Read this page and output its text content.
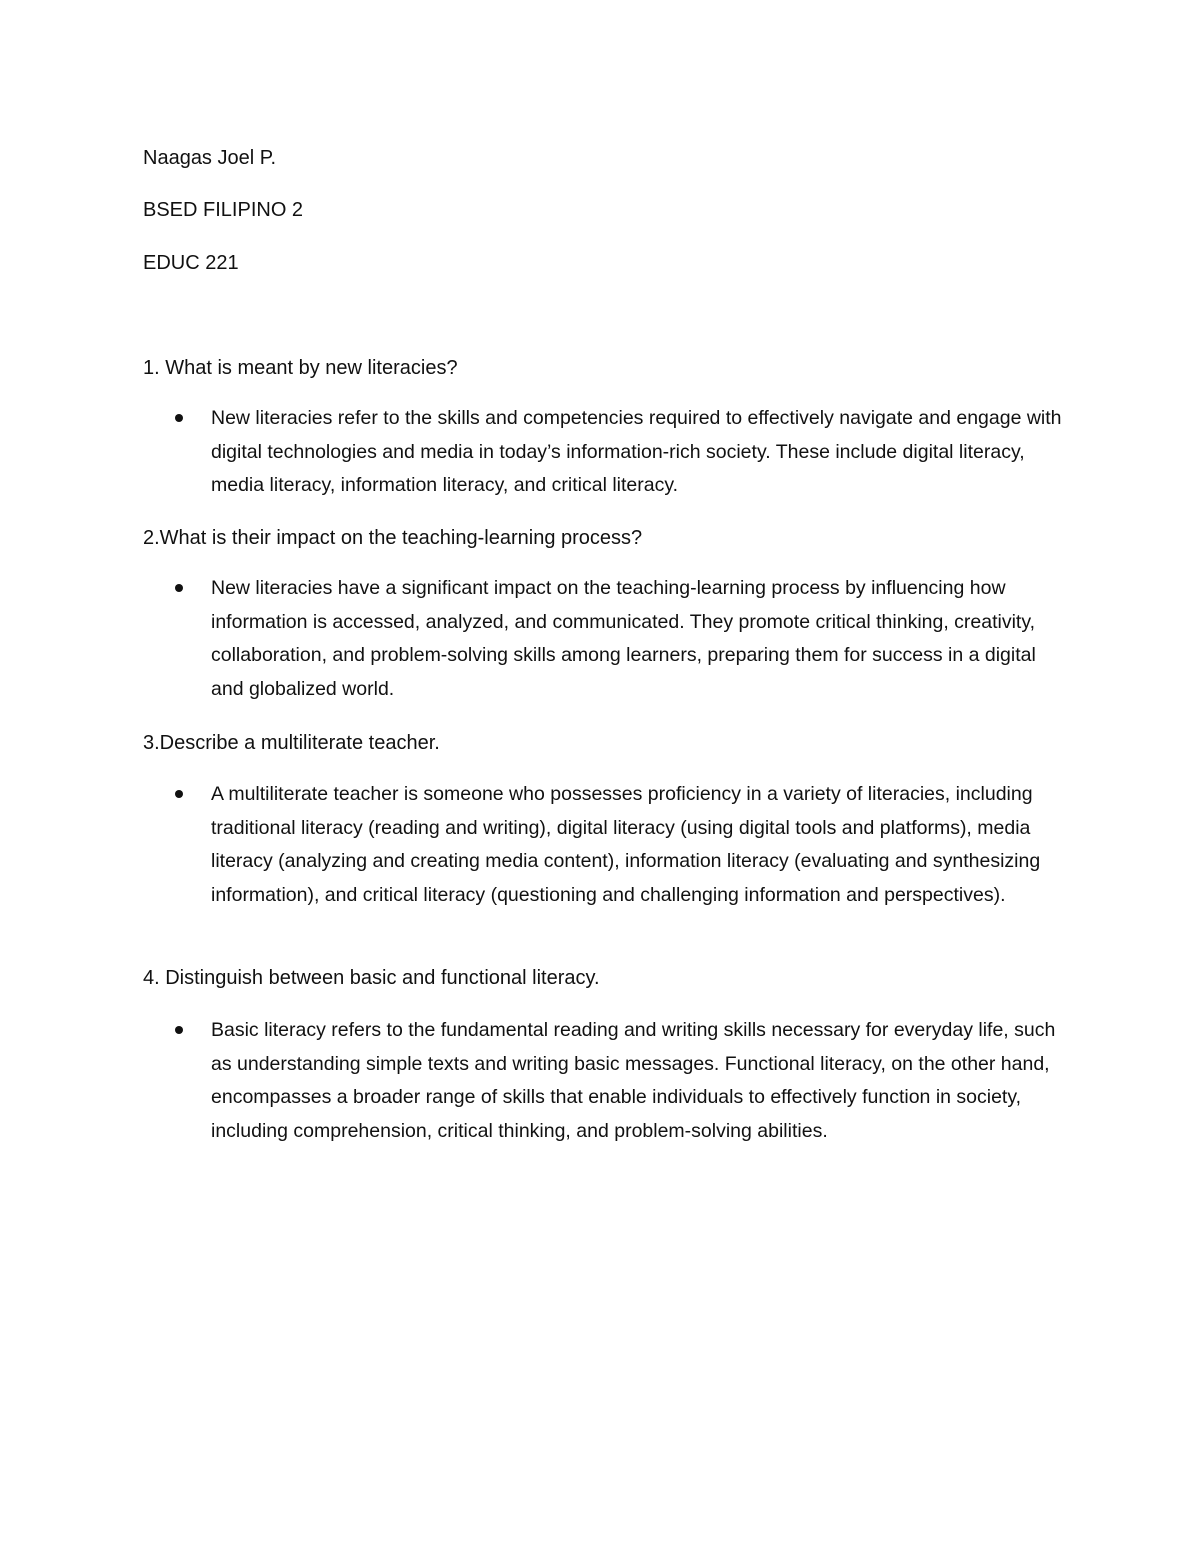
Naagas Joel P.
BSED FILIPINO 2
EDUC 221
1. What is meant by new literacies?

New literacies refer to the skills and competencies required to effectively navigate and engage with digital technologies and media in today’s information-rich society. These include digital literacy, media literacy, information literacy, and critical literacy.

2.What is their impact on the teaching-learning process?

New literacies have a significant impact on the teaching-learning process by influencing how information is accessed, analyzed, and communicated. They promote critical thinking, creativity, collaboration, and problem-solving skills among learners, preparing them for success in a digital and globalized world.

3.Describe a multiliterate teacher.

A multiliterate teacher is someone who possesses proficiency in a variety of literacies, including traditional literacy (reading and writing), digital literacy (using digital tools and platforms), media literacy (analyzing and creating media content), information literacy (evaluating and synthesizing information), and critical literacy (questioning and challenging information and perspectives).

4. Distinguish between basic and functional literacy.

Basic literacy refers to the fundamental reading and writing skills necessary for everyday life, such as understanding simple texts and writing basic messages. Functional literacy, on the other hand, encompasses a broader range of skills that enable individuals to effectively function in society, including comprehension, critical thinking, and problem-solving abilities.
